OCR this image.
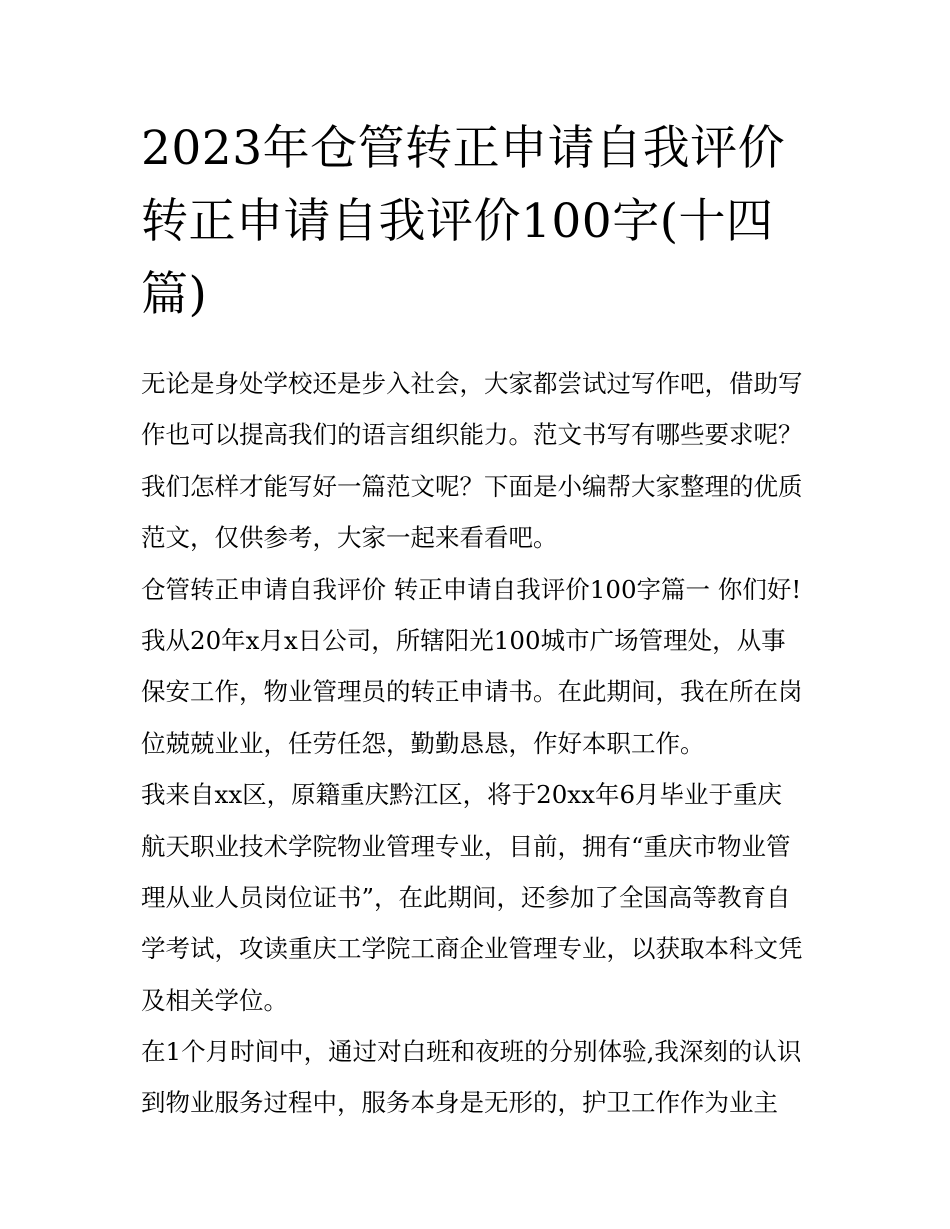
2023年仓管转正申请自我评价
转正申请自我评价100字(十四
篇)
无论是身处学校还是步入社会，大家都尝试过写作吧，借助写
作也可以提高我们的语言组织能力。范文书写有哪些要求呢？
我们怎样才能写好一篇范文呢？下面是小编帮大家整理的优质
范文，仅供参考，大家一起来看看吧。
仓管转正申请自我评价 转正申请自我评价100字篇一 你们好!
我从20年x月x日公司，所辖阳光100城市广场管理处，从事
保安工作，物业管理员的转正申请书。在此期间，我在所在岗
位兢兢业业，任劳任怨，勤勤恳恳，作好本职工作。
我来自xx区，原籍重庆黔江区，将于20xx年6月毕业于重庆
航天职业技术学院物业管理专业，目前，拥有“重庆市物业管
理从业人员岗位证书”，在此期间，还参加了全国高等教育自
学考试，攻读重庆工学院工商企业管理专业，以获取本科文凭
及相关学位。
在1个月时间中，通过对白班和夜班的分别体验,我深刻的认识
到物业服务过程中，服务本身是无形的，护卫工作作为业主
